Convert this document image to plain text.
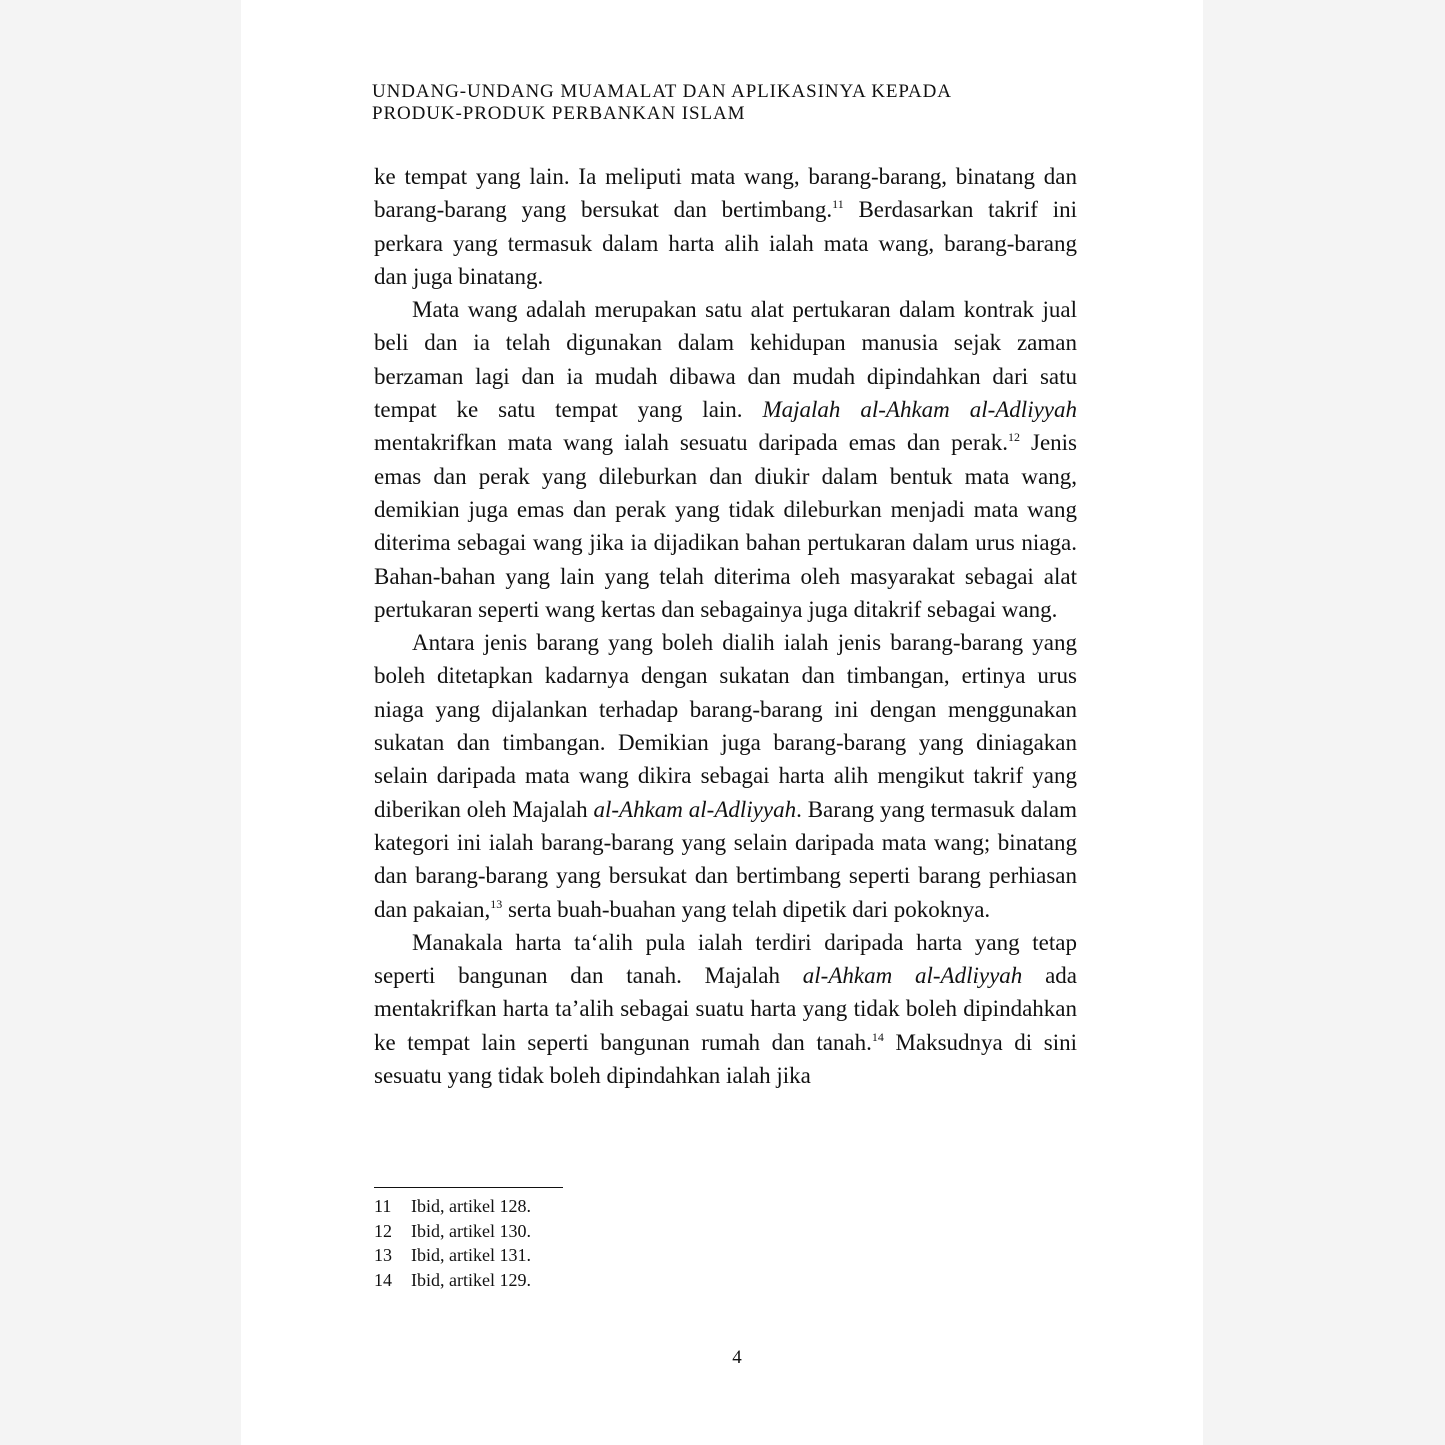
UNDANG-UNDANG MUAMALAT DAN APLIKASINYA KEPADA
PRODUK-PRODUK PERBANKAN ISLAM

ke tempat yang lain. Ia meliputi mata wang, barang-barang, binatang dan barang-barang yang bersukat dan bertimbang.$^{11}$ Berdasarkan takrif ini perkara yang termasuk dalam harta alih ialah mata wang, barang-barang dan juga binatang.

Mata wang adalah merupakan satu alat pertukaran dalam kontrak jual beli dan ia telah digunakan dalam kehidupan manusia sejak zaman berzaman lagi dan ia mudah dibawa dan mudah dipindahkan dari satu tempat ke satu tempat yang lain. Majalah al-Ahkam al-Adliyyah mentakrifkan mata wang ialah sesuatu daripada emas dan perak.$^{12}$ Jenis emas dan perak yang dileburkan dan diukir dalam bentuk mata wang, demikian juga emas dan perak yang tidak dileburkan menjadi mata wang diterima sebagai wang jika ia dijadikan bahan pertukaran dalam urus niaga. Bahan-bahan yang lain yang telah diterima oleh masyarakat sebagai alat pertukaran seperti wang kertas dan sebagainya juga ditakrif sebagai wang.

Antara jenis barang yang boleh dialih ialah jenis barang-barang yang boleh ditetapkan kadarnya dengan sukatan dan timbangan, ertinya urus niaga yang dijalankan terhadap barang-barang ini dengan menggunakan sukatan dan timbangan. Demikian juga barang-barang yang diniagakan selain daripada mata wang dikira sebagai harta alih mengikut takrif yang diberikan oleh Majalah al-Ahkam al-Adliyyah. Barang yang termasuk dalam kategori ini ialah barang-barang yang selain daripada mata wang; binatang dan barang-barang yang bersukat dan bertimbang seperti barang perhiasan dan pakaian,$^{13}$ serta buah-buahan yang telah dipetik dari pokoknya.

Manakala harta ta‘alih pula ialah terdiri daripada harta yang tetap seperti bangunan dan tanah. Majalah al-Ahkam al-Adliyyah ada mentakrifkan harta ta’alih sebagai suatu harta yang tidak boleh dipindahkan ke tempat lain seperti bangunan rumah dan tanah.$^{14}$ Maksudnya di sini sesuatu yang tidak boleh dipindahkan ialah jika

11	Ibid, artikel 128.
12	Ibid, artikel 130.
13	Ibid, artikel 131.
14	Ibid, artikel 129.
4
